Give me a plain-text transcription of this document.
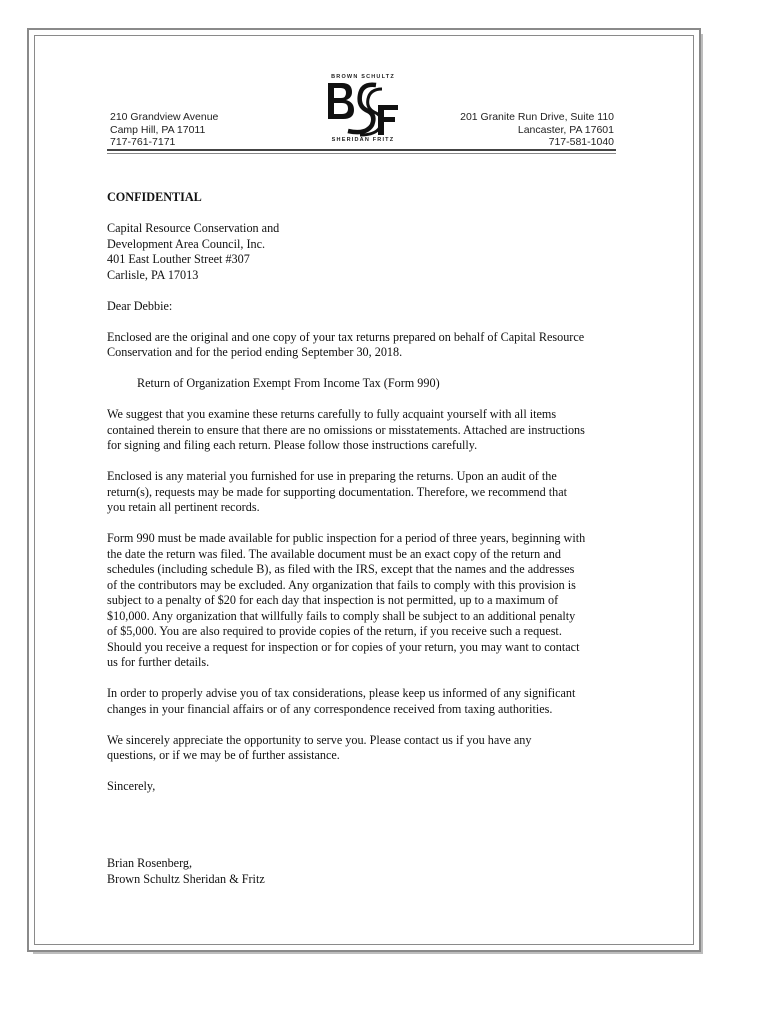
210 Grandview Avenue
Camp Hill, PA 17011
717-761-7171
BROWN SCHULTZ
SHERIDAN FRITZ
201 Granite Run Drive, Suite 110
Lancaster, PA 17601
717-581-1040

CONFIDENTIAL

Capital Resource Conservation and
Development Area Council, Inc.
401 East Louther Street #307
Carlisle, PA 17013

Dear Debbie:

Enclosed are the original and one copy of your tax returns prepared on behalf of Capital Resource
Conservation and for the period ending September 30, 2018.

Return of Organization Exempt From Income Tax (Form 990)

We suggest that you examine these returns carefully to fully acquaint yourself with all items
contained therein to ensure that there are no omissions or misstatements. Attached are instructions
for signing and filing each return. Please follow those instructions carefully.

Enclosed is any material you furnished for use in preparing the returns. Upon an audit of the
return(s), requests may be made for supporting documentation. Therefore, we recommend that
you retain all pertinent records.

Form 990 must be made available for public inspection for a period of three years, beginning with
the date the return was filed. The available document must be an exact copy of the return and
schedules (including schedule B), as filed with the IRS, except that the names and the addresses
of the contributors may be excluded. Any organization that fails to comply with this provision is
subject to a penalty of $20 for each day that inspection is not permitted, up to a maximum of
$10,000. Any organization that willfully fails to comply shall be subject to an additional penalty
of $5,000. You are also required to provide copies of the return, if you receive such a request.
Should you receive a request for inspection or for copies of your return, you may want to contact
us for further details.

In order to properly advise you of tax considerations, please keep us informed of any significant
changes in your financial affairs or of any correspondence received from taxing authorities.

We sincerely appreciate the opportunity to serve you. Please contact us if you have any
questions, or if we may be of further assistance.

Sincerely,

Brian Rosenberg,
Brown Schultz Sheridan & Fritz
